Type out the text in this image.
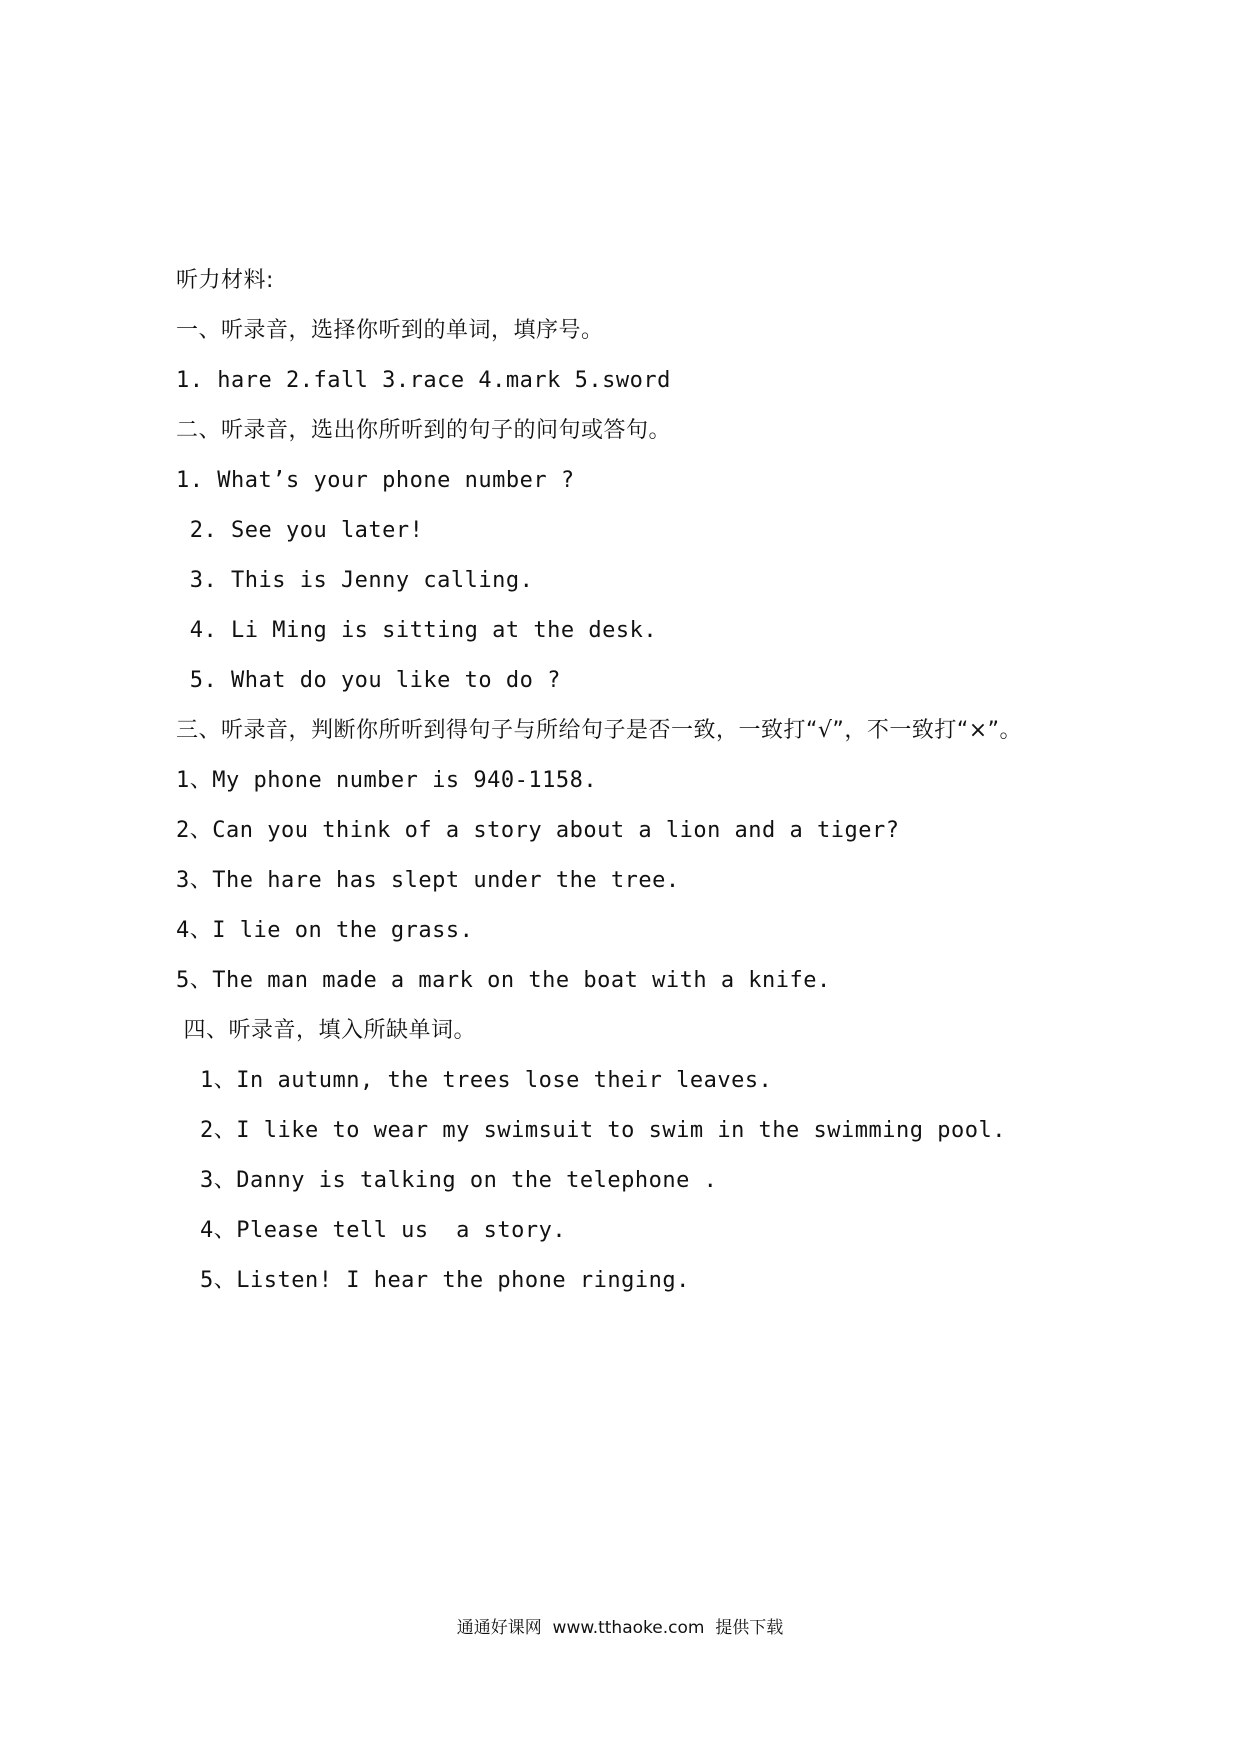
听力材料:
一、听录音，选择你听到的单词，填序号。
1. hare 2.fall 3.race 4.mark 5.sword
二、听录音，选出你所听到的句子的问句或答句。
1. What’s your phone number ?
2. See you later!
3. This is Jenny calling.
4. Li Ming is sitting at the desk.
5. What do you like to do ?
三、听录音，判断你所听到得句子与所给句子是否一致，一致打“√”，不一致打“×”。
1、My phone number is 940-1158.
2、Can you think of a story about a lion and a tiger?
3、The hare has slept under the tree.
4、I lie on the grass.
5、The man made a mark on the boat with a knife.
四、听录音，填入所缺单词。
1、In autumn, the trees lose their leaves.
2、I like to wear my swimsuit to swim in the swimming pool.
3、Danny is talking on the telephone .
4、Please tell us  a story.
5、Listen! I hear the phone ringing.
通通好课网  www.tthaoke.com  提供下载
